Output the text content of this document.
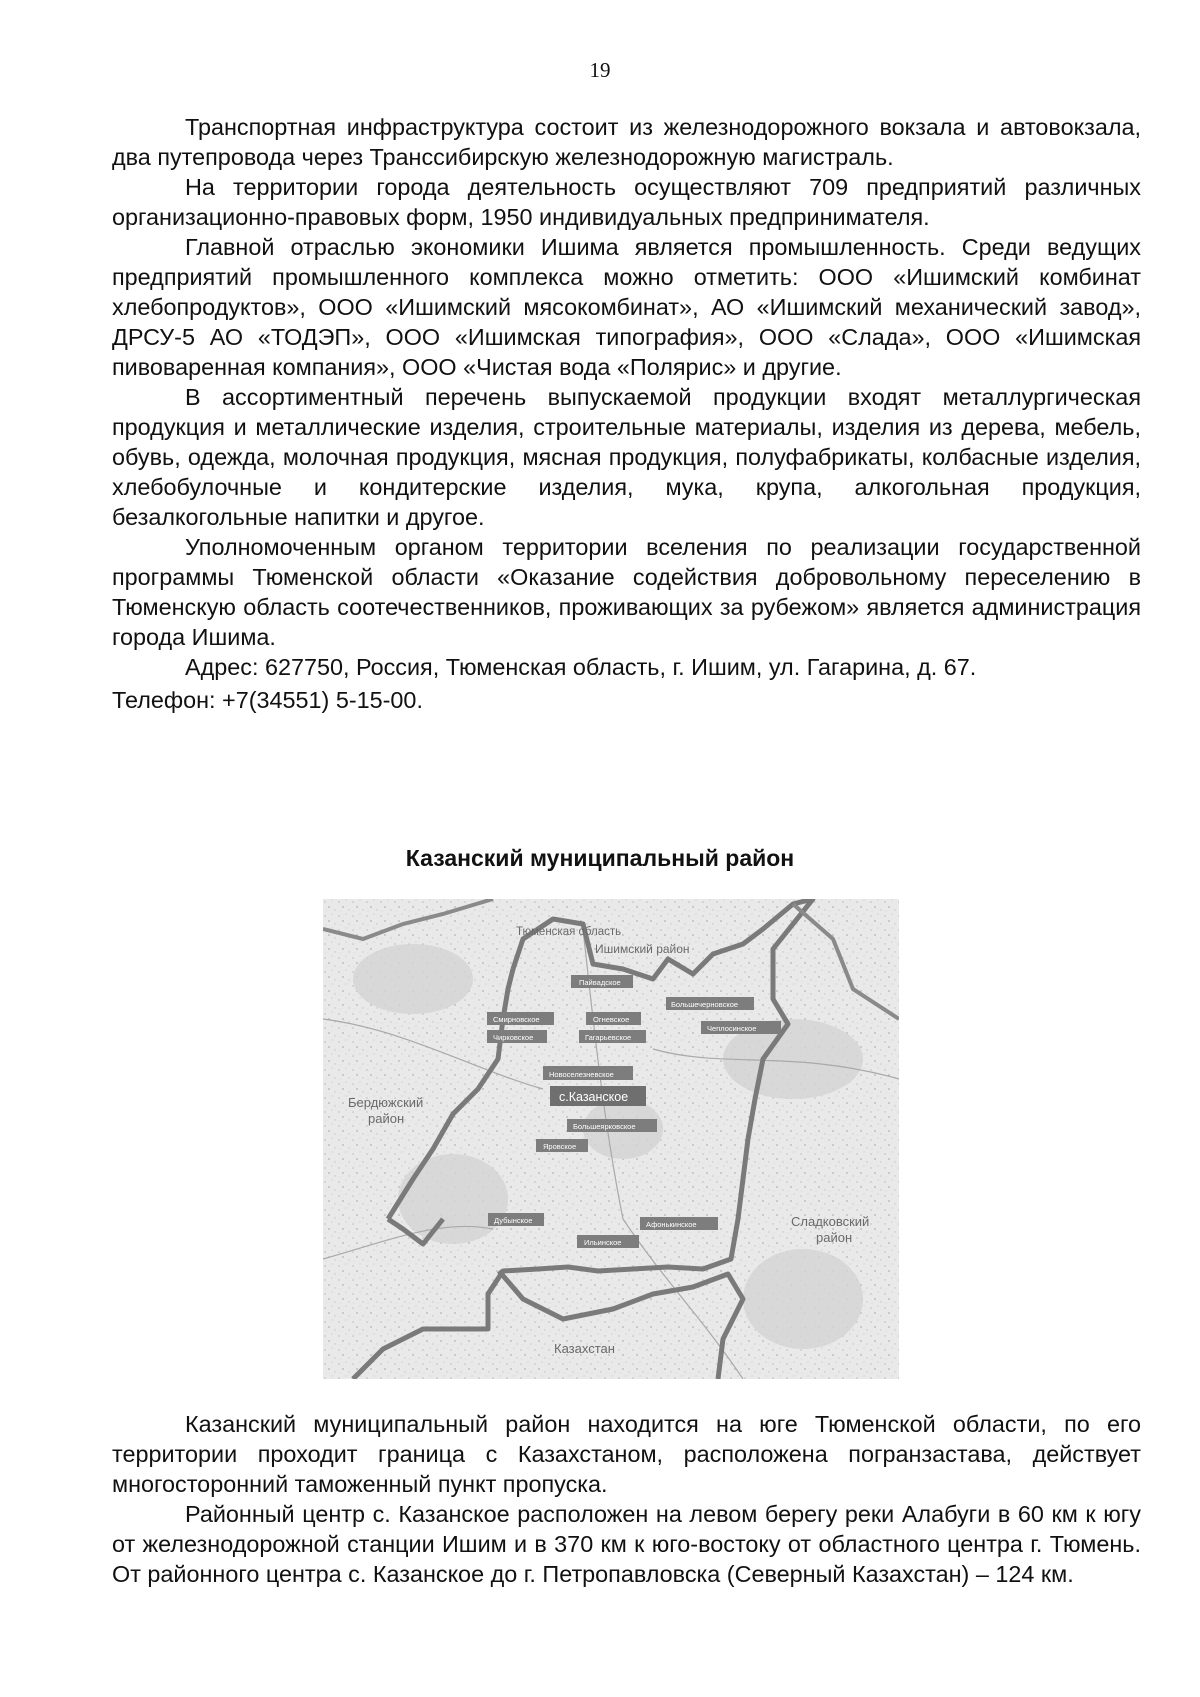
19

Транспортная инфраструктура состоит из железнодорожного вокзала и автовокзала, два путепровода через Транссибирскую железнодорожную магистраль.

На территории города деятельность осуществляют 709 предприятий различных организационно-правовых форм, 1950 индивидуальных предпринимателя.

Главной отраслью экономики Ишима является промышленность. Среди ведущих предприятий промышленного комплекса можно отметить: ООО «Ишимский комбинат хлебопродуктов», ООО «Ишимский мясокомбинат», АО «Ишимский механический завод», ДРСУ-5 АО «ТОДЭП», ООО «Ишимская типография», ООО «Слада», ООО «Ишимская пивоваренная компания», ООО «Чистая вода «Полярис» и другие.

В ассортиментный перечень выпускаемой продукции входят металлургическая продукция и металлические изделия, строительные материалы, изделия из дерева, мебель, обувь, одежда, молочная продукция, мясная продукция, полуфабрикаты, колбасные изделия, хлебобулочные и кондитерские изделия, мука, крупа, алкогольная продукция, безалкогольные напитки и другое.

Уполномоченным органом территории вселения по реализации государственной программы Тюменской области «Оказание содействия добровольному переселению в Тюменскую область соотечественников, проживающих за рубежом» является администрация города Ишима.

Адрес: 627750, Россия, Тюменская область, г. Ишим, ул. Гагарина, д. 67.

Телефон: +7(34551) 5-15-00.

Казанский муниципальный район
Тюменская область
Ишимский район
Бердюжский
район
Сладковский
район
Казахстан
Пайвадское
Большечерновское
Смирновское	Огневское
Чирковское	Гагарьевское
Чеплосинское
Новоселезневское
с.Казанское
Большеярковское
Яровское
Дубынское	Афонькинское
Ильинское

Казанский муниципальный район находится на юге Тюменской области, по его территории проходит граница с Казахстаном, расположена погранзастава, действует многосторонний таможенный пункт пропуска.

Районный центр с. Казанское расположен на левом берегу реки Алабуги в 60 км к югу от железнодорожной станции Ишим и в 370 км к юго-востоку от областного центра г. Тюмень. От районного центра с. Казанское до г. Петропавловска (Северный Казахстан) – 124 км.
